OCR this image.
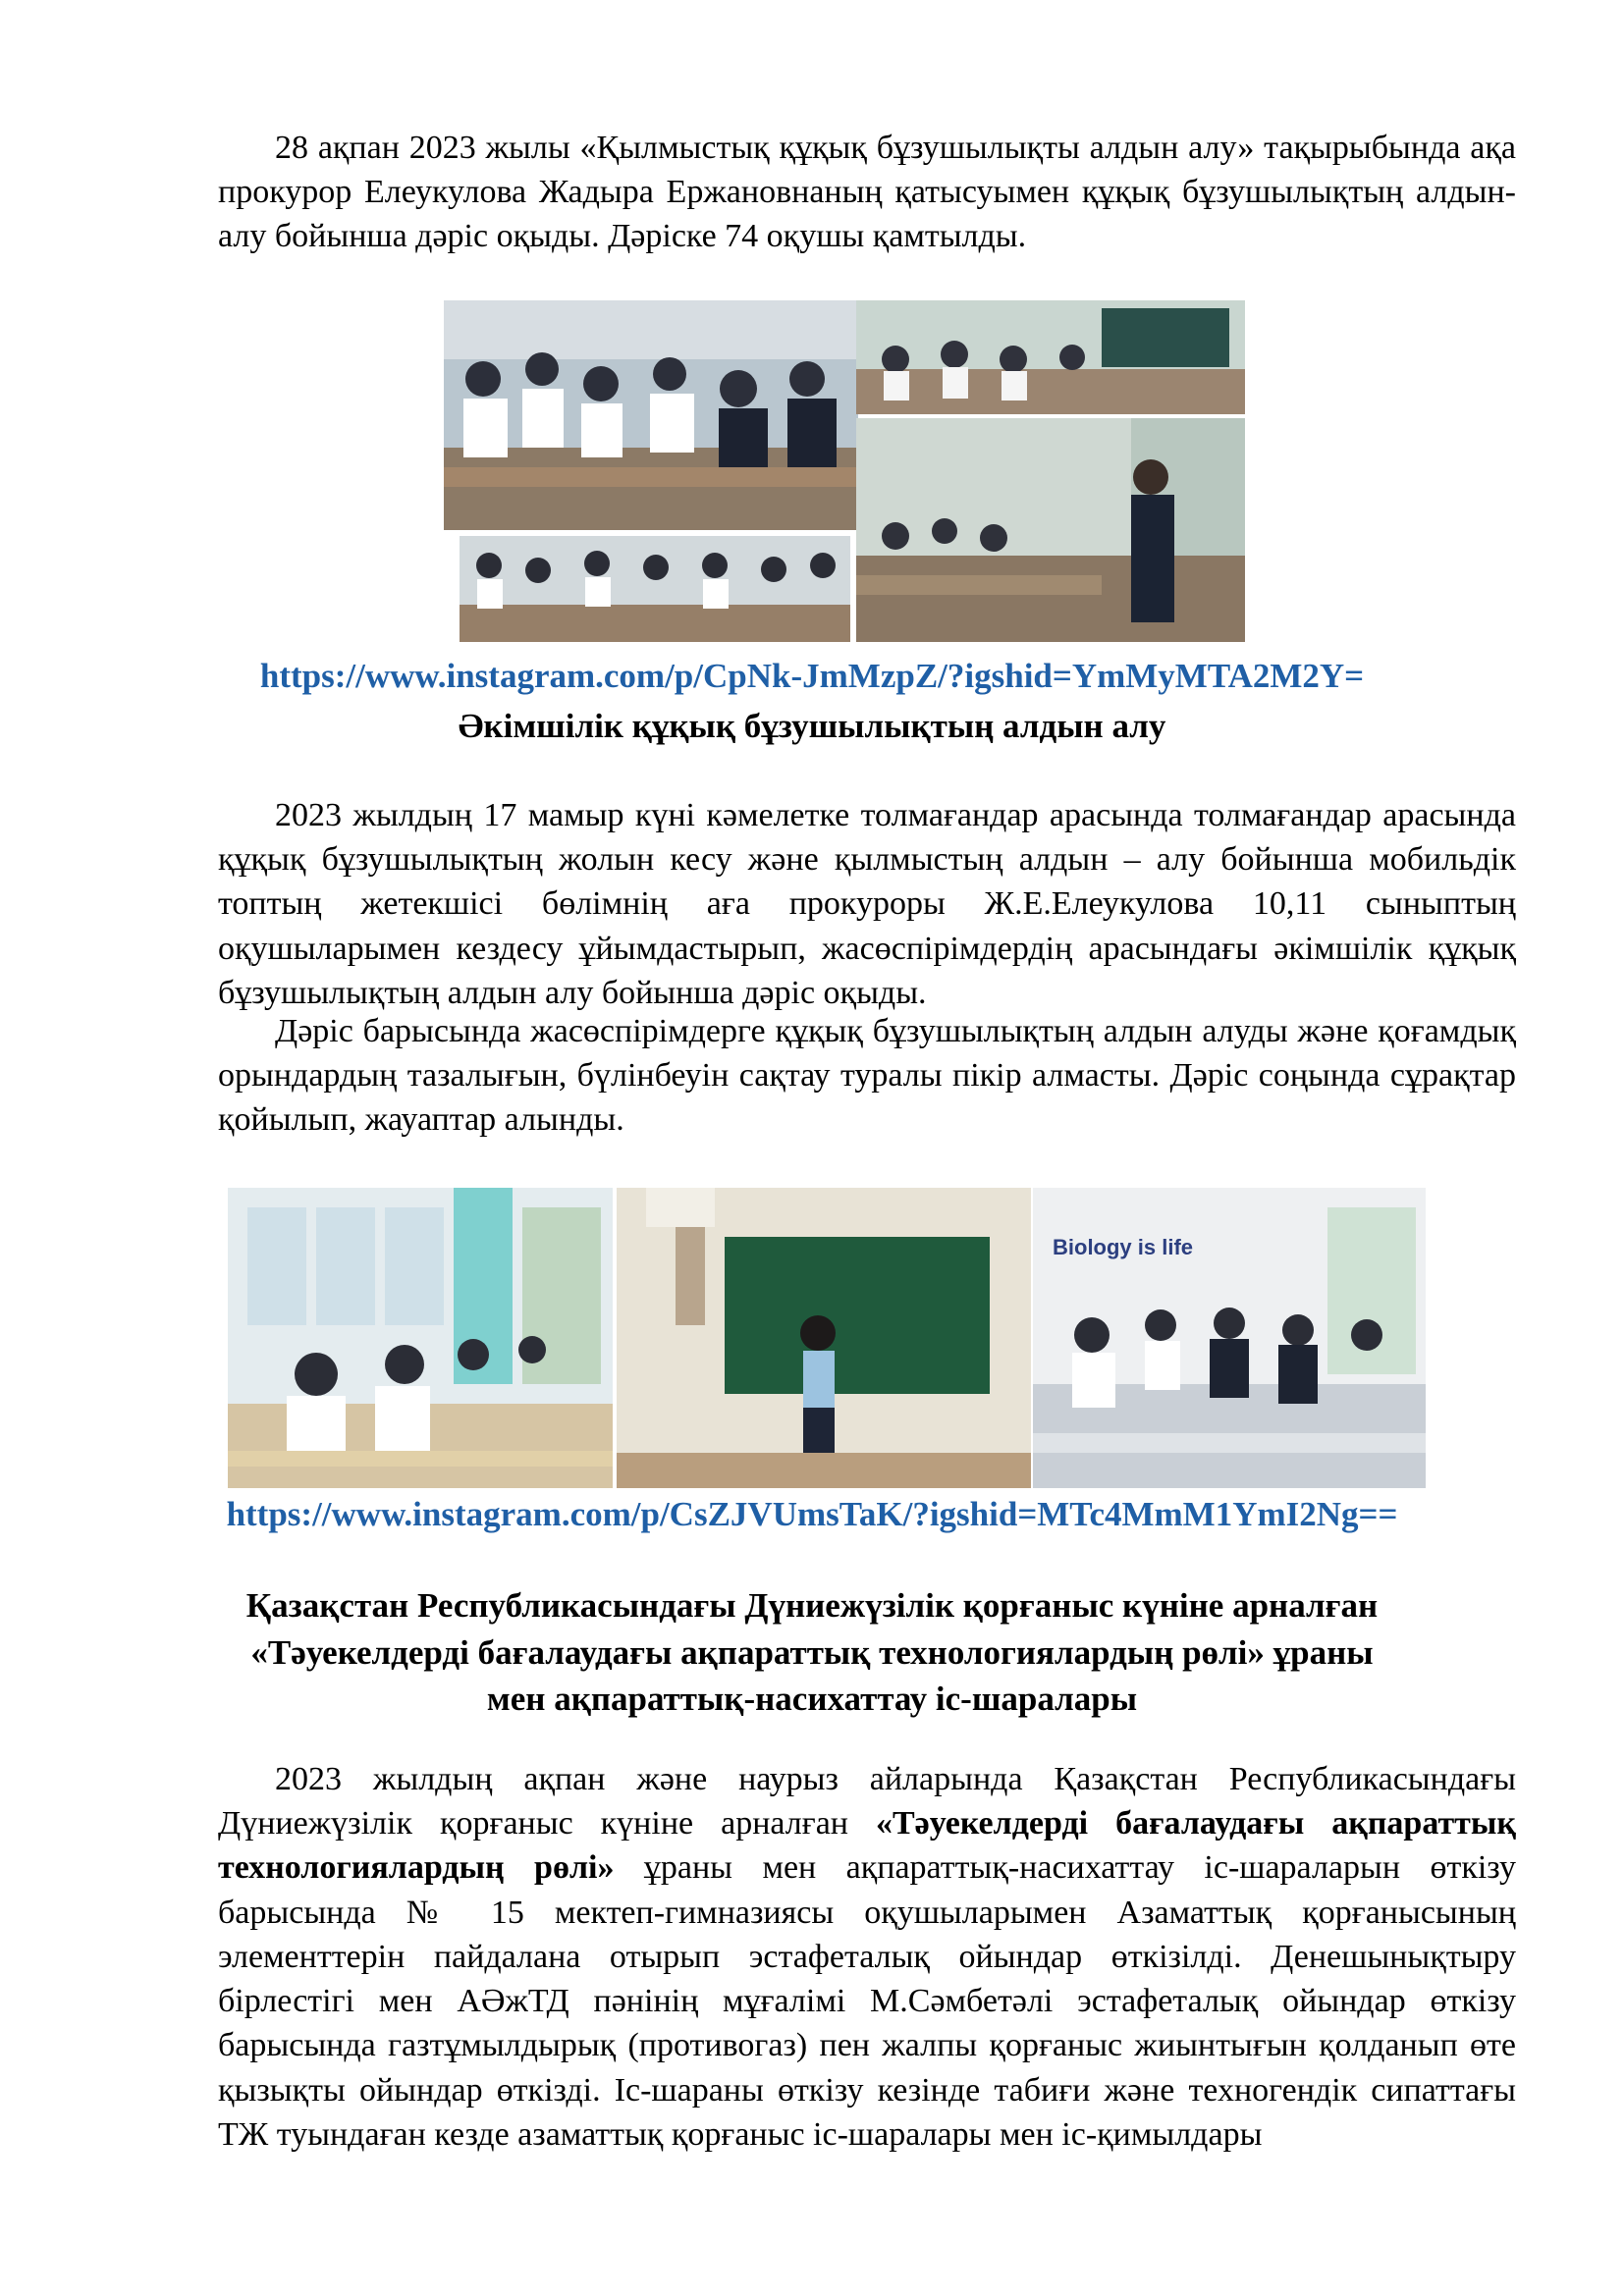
28 ақпан 2023 жылы «Қылмыстық құқық бұзушылықты алдын алу» тақырыбында ақа прокурор Елеукулова Жадыра Ержановнаның қатысуымен құқық бұзушылықтың алдын-алу бойынша дәріс оқыды. Дәріске 74 оқушы қамтылды.

https://www.instagram.com/p/CpNk-JmMzpZ/?igshid=YmMyMTA2M2Y=
Әкімшілік құқық бұзушылықтың алдын алу

2023 жылдың 17 мамыр күні кәмелетке толмағандар арасында толмағандар арасында құқық бұзушылықтың жолын кесу және қылмыстың алдын – алу бойынша мобильдік топтың жетекшісі бөлімнің аға прокуроры Ж.Е.Елеукулова 10,11 сыныптың оқушыларымен кездесу ұйымдастырып, жасөспірімдердің арасындағы әкімшілік құқық бұзушылықтың алдын алу бойынша дәріс оқыды.

Дәріс барысында жасөспірімдерге құқық бұзушылықтың алдын алуды және қоғамдық орындардың тазалығын, бүлінбеуін сақтау туралы пікір алмасты. Дәріс соңында сұрақтар қойылып, жауаптар алынды.

Biology is life
https://www.instagram.com/p/CsZJVUmsTaK/?igshid=MTc4MmM1YmI2Ng==
Қазақстан Республикасындағы Дүниежүзілік қорғаныс күніне арналған
«Тәуекелдерді бағалаудағы ақпараттық технологиялардың рөлі» ұраны
мен ақпараттық-насихаттау іс-шаралары

2023 жылдың ақпан және наурыз айларында Қазақстан Республикасындағы Дүниежүзілік қорғаныс күніне арналған «Тәуекелдерді бағалаудағы ақпараттық технологиялардың рөлі» ұраны мен ақпараттық-насихаттау іс-шараларын өткізу барысында № 15 мектеп-гимназиясы оқушыларымен Азаматтық қорғанысының элементтерін пайдалана отырып эстафеталық ойындар өткізілді. Денешынықтыру бірлестігі мен АӘжТД пәнінің мұғалімі М.Сәмбетәлі эстафеталық ойындар өткізу барысында газтұмылдырық (противогаз) пен жалпы қорғаныс жиынтығын қолданып өте қызықты ойындар өткізді. Іс-шараны өткізу кезінде табиғи және техногендік сипаттағы ТЖ туындаған кезде азаматтық қорғаныс іс-шаралары мен іс-қимылдары
